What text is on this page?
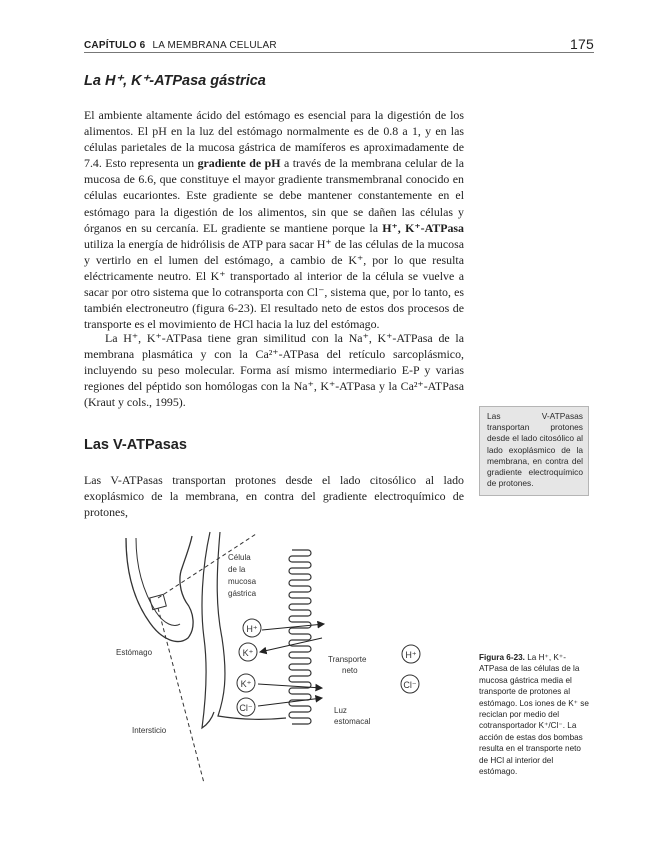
CAPÍTULO 6 LA MEMBRANA CELULAR	175
La H⁺, K⁺-ATPasa gástrica

El ambiente altamente ácido del estómago es esencial para la digestión de los alimentos. El pH en la luz del estómago normalmente es de 0.8 a 1, y en las células parietales de la mucosa gástrica de mamíferos es aproximadamente de 7.4. Esto representa un gradiente de pH a través de la membrana celular de la mucosa de 6.6, que constituye el mayor gradiente transmembranal conocido en células eucariontes. Este gradiente se debe mantener constantemente en el estómago para la digestión de los alimentos, sin que se dañen las células y órganos en su cercanía. EL gradiente se mantiene porque la H⁺, K⁺-ATPasa utiliza la energía de hidrólisis de ATP para sacar H⁺ de las células de la mucosa y vertirlo en el lumen del estómago, a cambio de K⁺, por lo que resulta eléctricamente neutro. El K⁺ transportado al interior de la célula se vuelve a sacar por otro sistema que lo cotransporta con Cl⁻, sistema que, por lo tanto, es también electroneutro (figura 6-23). El resultado neto de estos dos procesos de transporte es el movimiento de HCl hacia la luz del estómago.

La H⁺, K⁺-ATPasa tiene gran similitud con la Na⁺, K⁺-ATPasa de la membrana plasmática y con la Ca²⁺-ATPasa del retículo sarcoplásmico, incluyendo su peso molecular. Forma así mismo intermediario E-P y varias regiones del péptido son homólogas con la Na⁺, K⁺-ATPasa y la Ca²⁺-ATPasa (Kraut y cols., 1995).

Las V-ATPasas

Las V-ATPasas transportan protones desde el lado citosólico al lado exoplásmico de la membrana, en contra del gradiente electroquímico de protones,

Las V-ATPasas transportan protones desde el lado citosólico al lado exoplásmico de la membrana, en contra del gradiente electroquímico de protones.
H⁺
K⁺
K⁺
Cl⁻
H⁺
Cl⁻
Célula
de la
mucosa
gástrica
Estómago
Intersticio
Transporte
neto
Luz
estomacal
Figura 6-23. La H⁺, K⁺-ATPasa de las células de la mucosa gástrica media el transporte de protones al estómago. Los iones de K⁺ se reciclan por medio del cotransportador K⁺/Cl⁻. La acción de estas dos bombas resulta en el transporte neto de HCl al interior del estómago.
